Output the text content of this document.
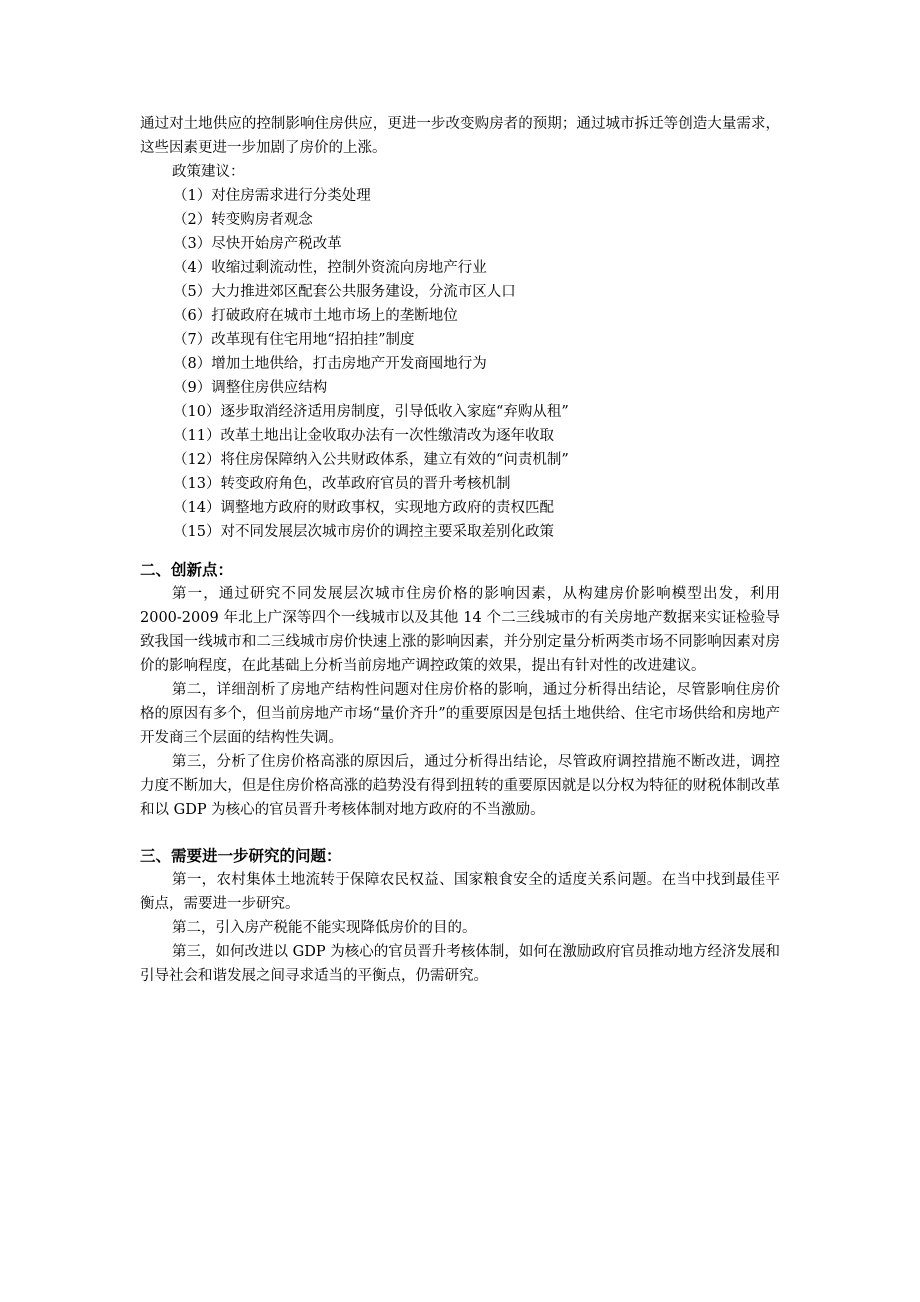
通过对土地供应的控制影响住房供应，更进一步改变购房者的预期；通过城市拆迁等创造大量需求，这些因素更进一步加剧了房价的上涨。

政策建议：

（1）对住房需求进行分类处理
（2）转变购房者观念
（3）尽快开始房产税改革
（4）收缩过剩流动性，控制外资流向房地产行业
（5）大力推进郊区配套公共服务建设，分流市区人口
（6）打破政府在城市土地市场上的垄断地位
（7）改革现有住宅用地“招拍挂”制度
（8）增加土地供给，打击房地产开发商囤地行为
（9）调整住房供应结构
（10）逐步取消经济适用房制度，引导低收入家庭“弃购从租”
（11）改革土地出让金收取办法有一次性缴清改为逐年收取
（12）将住房保障纳入公共财政体系，建立有效的“问责机制”
（13）转变政府角色，改革政府官员的晋升考核机制
（14）调整地方政府的财政事权，实现地方政府的责权匹配
（15）对不同发展层次城市房价的调控主要采取差别化政策
二、创新点：

第一，通过研究不同发展层次城市住房价格的影响因素，从构建房价影响模型出发，利用 2000-2009 年北上广深等四个一线城市以及其他 14 个二三线城市的有关房地产数据来实证检验导致我国一线城市和二三线城市房价快速上涨的影响因素，并分别定量分析两类市场不同影响因素对房价的影响程度，在此基础上分析当前房地产调控政策的效果，提出有针对性的改进建议。

第二，详细剖析了房地产结构性问题对住房价格的影响，通过分析得出结论，尽管影响住房价格的原因有多个，但当前房地产市场“量价齐升”的重要原因是包括土地供给、住宅市场供给和房地产开发商三个层面的结构性失调。

第三，分析了住房价格高涨的原因后，通过分析得出结论，尽管政府调控措施不断改进，调控力度不断加大，但是住房价格高涨的趋势没有得到扭转的重要原因就是以分权为特征的财税体制改革和以 GDP 为核心的官员晋升考核体制对地方政府的不当激励。

三、需要进一步研究的问题：

第一，农村集体土地流转于保障农民权益、国家粮食安全的适度关系问题。在当中找到最佳平衡点，需要进一步研究。

第二，引入房产税能不能实现降低房价的目的。

第三，如何改进以 GDP 为核心的官员晋升考核体制，如何在激励政府官员推动地方经济发展和引导社会和谐发展之间寻求适当的平衡点，仍需研究。
